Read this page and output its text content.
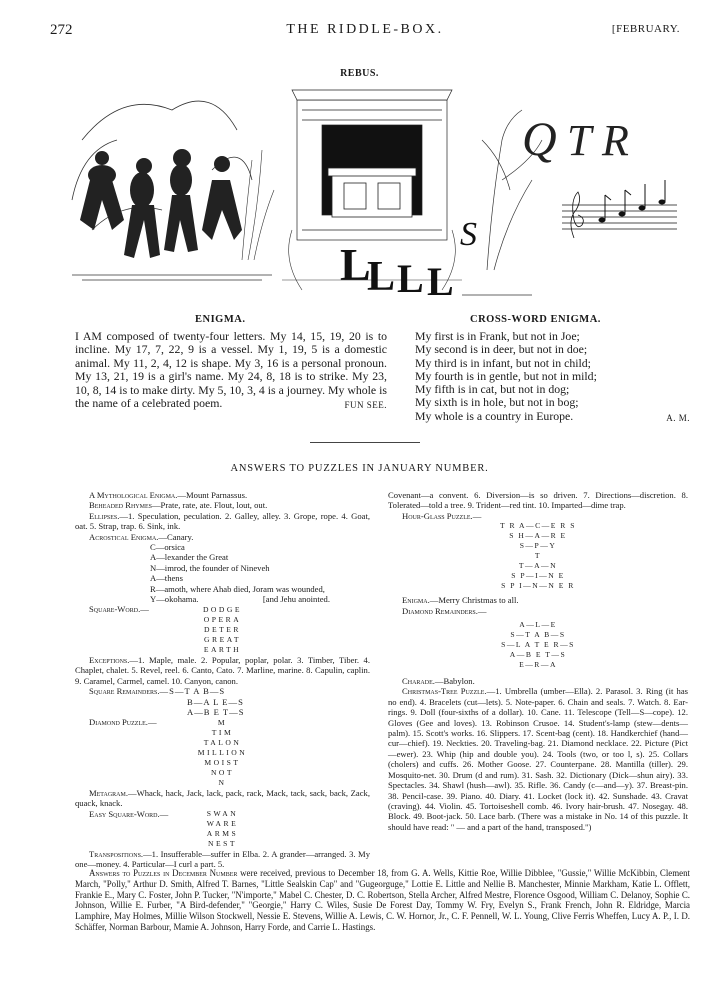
272	THE RIDDLE-BOX.	[FEBRUARY.
REBUS.
L
L L L
S
Q T R
ENIGMA.	CROSS-WORD ENIGMA.
I AM composed of twenty-four letters. My 14, 15, 19, 20 is to incline. My 17, 7, 22, 9 is a vessel. My 1, 19, 5 is a domestic animal. My 11, 2, 4, 12 is shape. My 3, 16 is a personal pronoun. My 13, 21, 19 is a girl's name. My 24, 8, 18 is to strike. My 23, 10, 8, 14 is to make dirty. My 5, 10, 3, 4 is a journey. My whole is the name of a celebrated poem.	FUN SEE.
My first is in Frank, but not in Joe;
My second is in deer, but not in doe;
My third is in infant, but not in child;
My fourth is in gentle, but not in mild;
My fifth is in cat, but not in dog;
My sixth is in hole, but not in bog;
My whole is a country in Europe.	A. M.
ANSWERS TO PUZZLES IN JANUARY NUMBER.

A Mythological Enigma.—Mount Parnassus.

Beheaded Rhymes—Prate, rate, ate. Flout, lout, out.

Ellipses.—1. Speculation, peculation. 2. Galley, alley. 3. Grope, rope. 4. Goat, oat. 5. Strap, trap. 6. Sink, ink.

Acrostical Enigma.—Canary.

C—orsica
A—lexander the Great
N—imrod, the founder of Nineveh
A—thens
R—amoth, where Ahab died, Joram was wounded,
Y—okohama.                              [and Jehu anointed.

Square-Word.—	DODGE
OPERA
DETER
GREAT
EARTH

Exceptions.—1. Maple, male. 2. Popular, poplar, polar. 3. Timber, Tiber. 4. Chaplet, chalet. 5. Revel, reel. 6. Canto, Cato. 7. Marline, marine. 8. Capulin, caplin. 9. Caramel, Carmel, camel. 10. Canyon, canon.

Square Remainders.—S—T A B—S

B—A L E—S
A—B E T—S

Diamond Puzzle.—	M
TIM
TALON
MILLION
MOIST
NOT
N

Metagram.—Whack, hack, Jack, lack, pack, rack, Mack, tack, sack, back, Zack, quack, knack.

Easy Square-Word.—	SWAN
WARE
ARMS
NEST

Transpositions.—1. Insufferable—suffer in Elba. 2. A grander—arranged. 3. My one—money. 4. Particular—I curl a part. 5.

Covenant—a convent. 6. Diversion—is so driven. 7. Directions—discretion. 8. Tolerated—told a tree. 9. Trident—red tint. 10. Imparted—dime trap.

Hour-Glass Puzzle.—

T R A—C—E R S
S H—A—R E
S—P—Y
T
T—A—N
S P—I—N E
S P I—N—N E R

Enigma.—Merry Christmas to all.

Diamond Remainders.—

A—L—E
S—T A B—S
S—L A T E R—S
A—B E T—S
E—R—A

Charade.—Babylon.

Christmas-Tree Puzzle.—1. Umbrella (umber—Ella). 2. Parasol. 3. Ring (it has no end). 4. Bracelets (cut—lets). 5. Note-paper. 6. Chain and seals. 7. Watch. 8. Ear-rings. 9. Doll (four-sixths of a dollar). 10. Cane. 11. Telescope (Tell—S—cope). 12. Gloves (Gee and loves). 13. Robinson Crusoe. 14. Student's-lamp (stew—dents—palm). 15. Scott's works. 16. Slippers. 17. Scent-bag (cent). 18. Handkerchief (hand—cur—chief). 19. Neckties. 20. Traveling-bag. 21. Diamond necklace. 22. Picture (Pict—ewer). 23. Whip (hip and double you). 24. Tools (two, or too l, s). 25. Collars (cholers) and cuffs. 26. Mother Goose. 27. Counterpane. 28. Mantilla (tiller). 29. Mosquito-net. 30. Drum (d and rum). 31. Sash. 32. Dictionary (Dick—shun airy). 33. Spectacles. 34. Shawl (hush—awl). 35. Rifle. 36. Candy (c—and—y). 37. Breast-pin. 38. Pencil-case. 39. Piano. 40. Diary. 41. Locket (lock it). 42. Sunshade. 43. Cravat (craving). 44. Violin. 45. Tortoiseshell comb. 46. Ivory hair-brush. 47. Nosegay. 48. Block. 49. Boot-jack. 50. Lace barb. (There was a mistake in No. 14 of this puzzle. It should have read: " — and a part of the hand, transposed.")

Answers to Puzzles in December Number were received, previous to December 18, from G. A. Wells, Kittie Roe, Willie Dibblee, "Gussie," Willie McKibbin, Clement March, "Polly," Arthur D. Smith, Alfred T. Barnes, "Little Sealskin Cap" and "Gugeorguge," Lottie E. Little and Nellie B. Manchester, Minnie Markham, Katie L. Offlett, Frankie E., Mary C. Foster, John P. Tucker, "N'importe," Mabel C. Chester, D. C. Robertson, Stella Archer, Alfred Mestre, Florence Osgood, William C. Delanoy, Sophie C. Johnson, Willie E. Furber, "A Bird-defender," "Georgie," Harry C. Wiles, Susie De Forest Day, Tommy W. Fry, Evelyn S., Frank French, John R. Eldridge, Marcia Lamphire, May Holmes, Millie Wilson Stockwell, Nessie E. Stevens, Willie A. Lewis, C. W. Hornor, Jr., C. F. Pennell, W. L. Young, Clive Ferris Wheffen, Lucy A. P., I. D. Schäffer, Norman Barbour, Mamie A. Johnson, Harry Forde, and Carrie L. Hastings.
